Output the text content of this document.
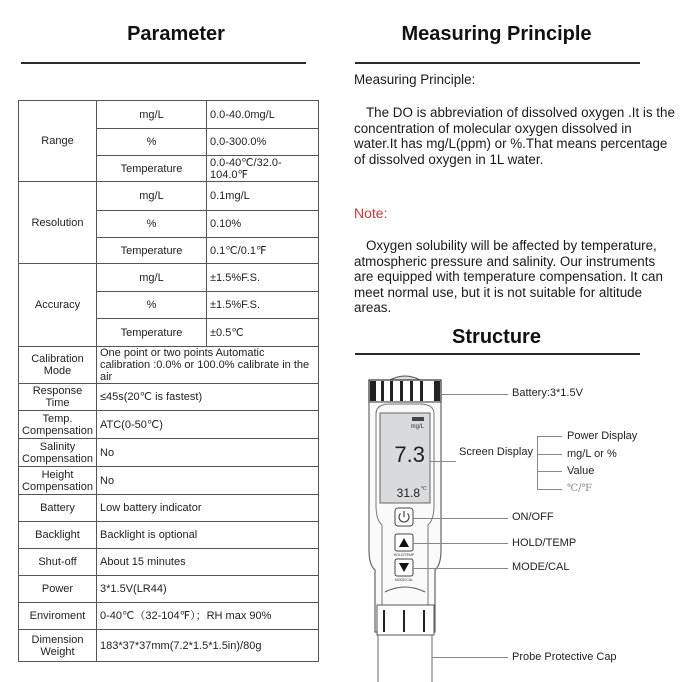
Parameter
Range	mg/L	0.0-40.0mg/L
	%	0.0-300.0%
	Temperature	0.0-40℃/32.0-104.0℉
Resolution	mg/L	0.1mg/L
	%	0.10%
	Temperature	0.1℃/0.1℉
Accuracy	mg/L	±1.5%F.S.
	%	±1.5%F.S.
	Temperature	±0.5℃
Calibration Mode	One point or two points Automatic calibration :0.0% or 100.0% calibrate in the air	
Response Time	≤45s(20℃ is fastest)	
Temp. Compensation	ATC(0-50℃)	
Salinity Compensation	No	
Height Compensation	No	
Battery	Low battery indicator	
Backlight	Backlight is optional	
Shut-off	About 15 minutes	
Power	3*1.5V(LR44)	
Enviroment	0-40℃（32-104℉）；RH max 90%	
Dimension Weight	183*37*37mm(7.2*1.5*1.5in)/80g	
Measuring Principle
Measuring Principle:
The DO is abbreviation of dissolved oxygen .It is the concentration of molecular oxygen dissolved in water.It has mg/L(ppm) or %.That means percentage of dissolved oxygen in 1L water.
Note:
Oxygen solubility will be affected by temperature, atmospheric pressure and salinity. Our instruments are equipped with temperature compensation. It can meet normal use, but it is not suitable for altitude areas.
Structure
mg/L
7.3
31.8 ℃
HOLD/TEMP
MODE/CAL
Battery:3*1.5V
Screen Display
Power Display
mg/L or %
Value
℃/℉
ON/OFF
HOLD/TEMP
MODE/CAL
Probe Protective Cap
